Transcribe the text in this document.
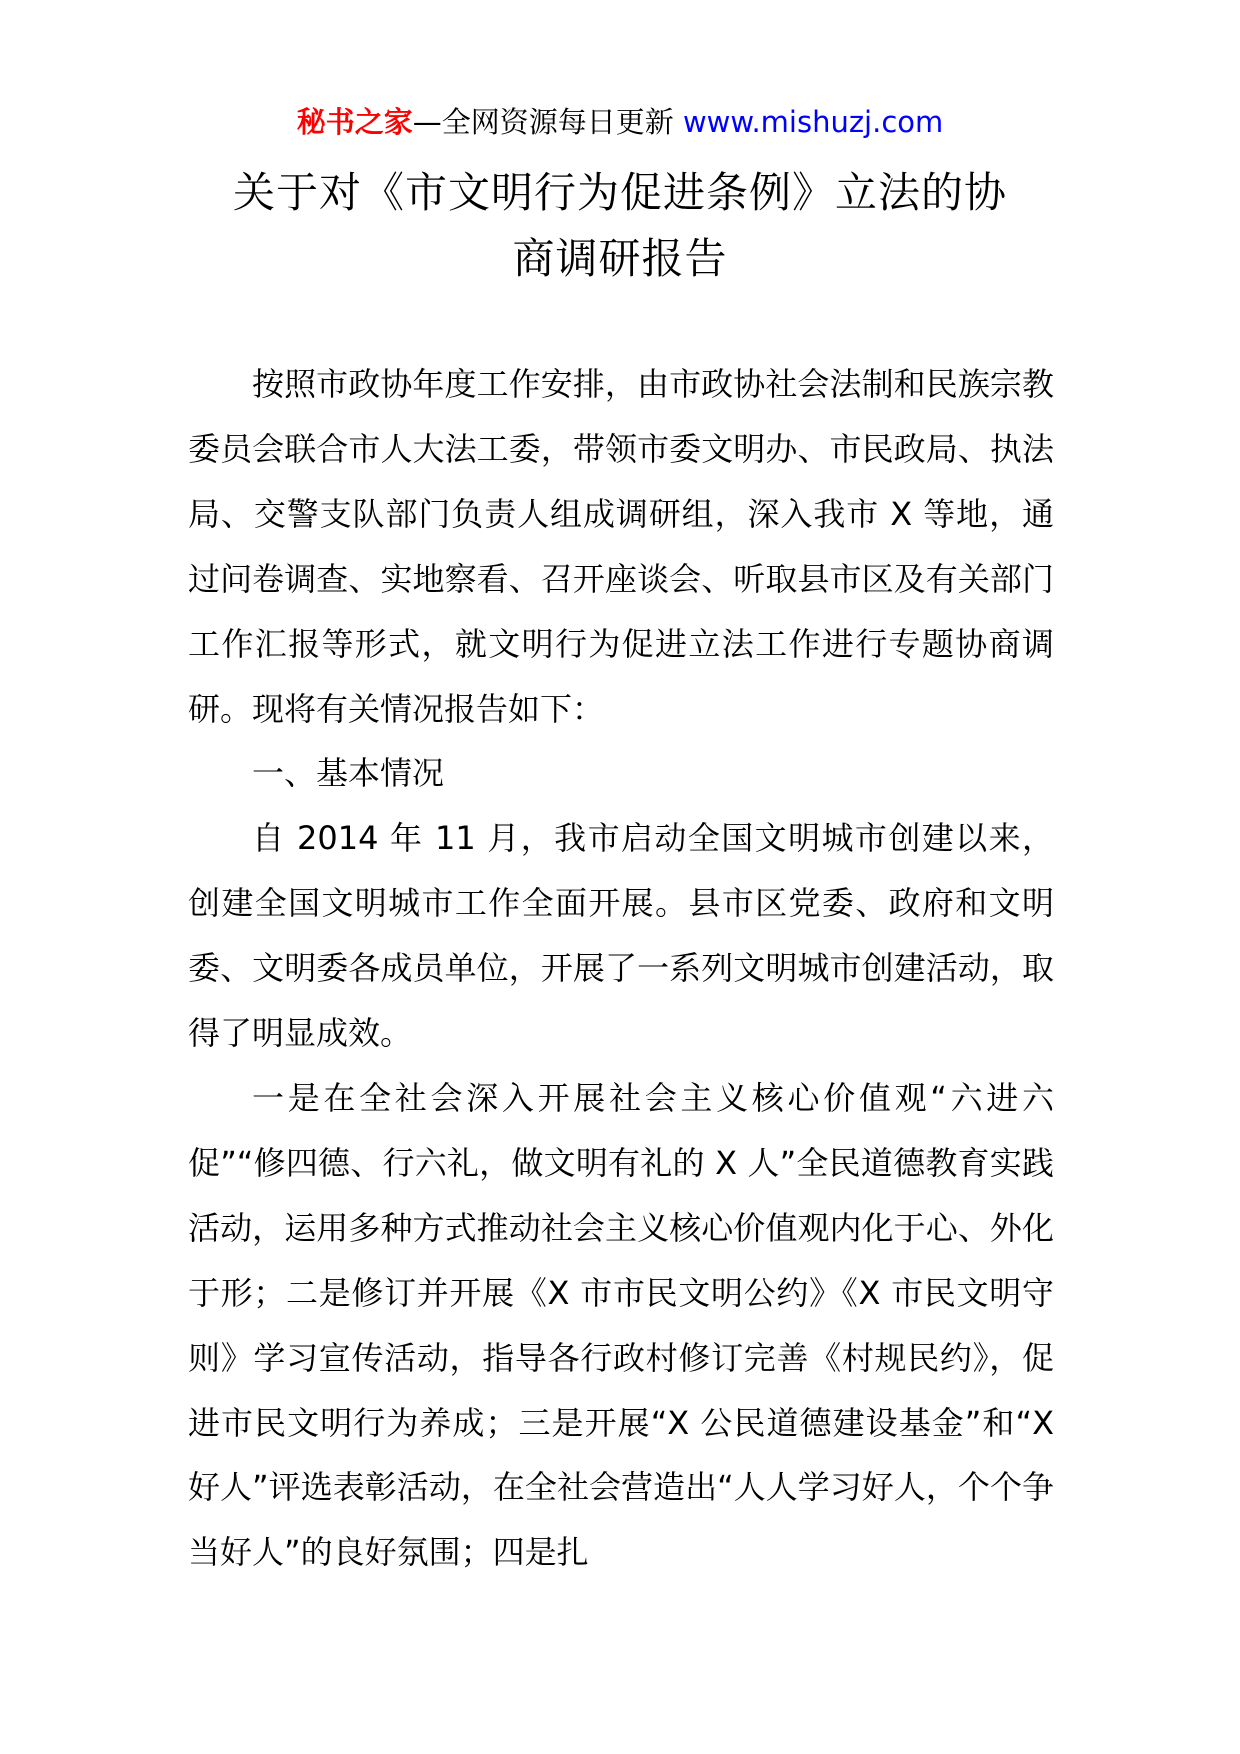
秘书之家—全网资源每日更新 www.mishuzj.com
关于对《市文明行为促进条例》立法的协
商调研报告

按照市政协年度工作安排，由市政协社会法制和民族宗教委员会联合市人大法工委，带领市委文明办、市民政局、执法局、交警支队部门负责人组成调研组，深入我市 X 等地，通过问卷调查、实地察看、召开座谈会、听取县市区及有关部门工作汇报等形式，就文明行为促进立法工作进行专题协商调研。现将有关情况报告如下：

一、基本情况

自 2014 年 11 月，我市启动全国文明城市创建以来，创建全国文明城市工作全面开展。县市区党委、政府和文明委、文明委各成员单位，开展了一系列文明城市创建活动，取得了明显成效。

一是在全社会深入开展社会主义核心价值观“六进六促”“修四德、行六礼，做文明有礼的 X 人”全民道德教育实践活动，运用多种方式推动社会主义核心价值观内化于心、外化于形；二是修订并开展《X 市市民文明公约》《X 市民文明守则》学习宣传活动，指导各行政村修订完善《村规民约》，促进市民文明行为养成；三是开展“X 公民道德建设基金”和“X 好人”评选表彰活动，在全社会营造出“人人学习好人，个个争当好人”的良好氛围；四是扎
